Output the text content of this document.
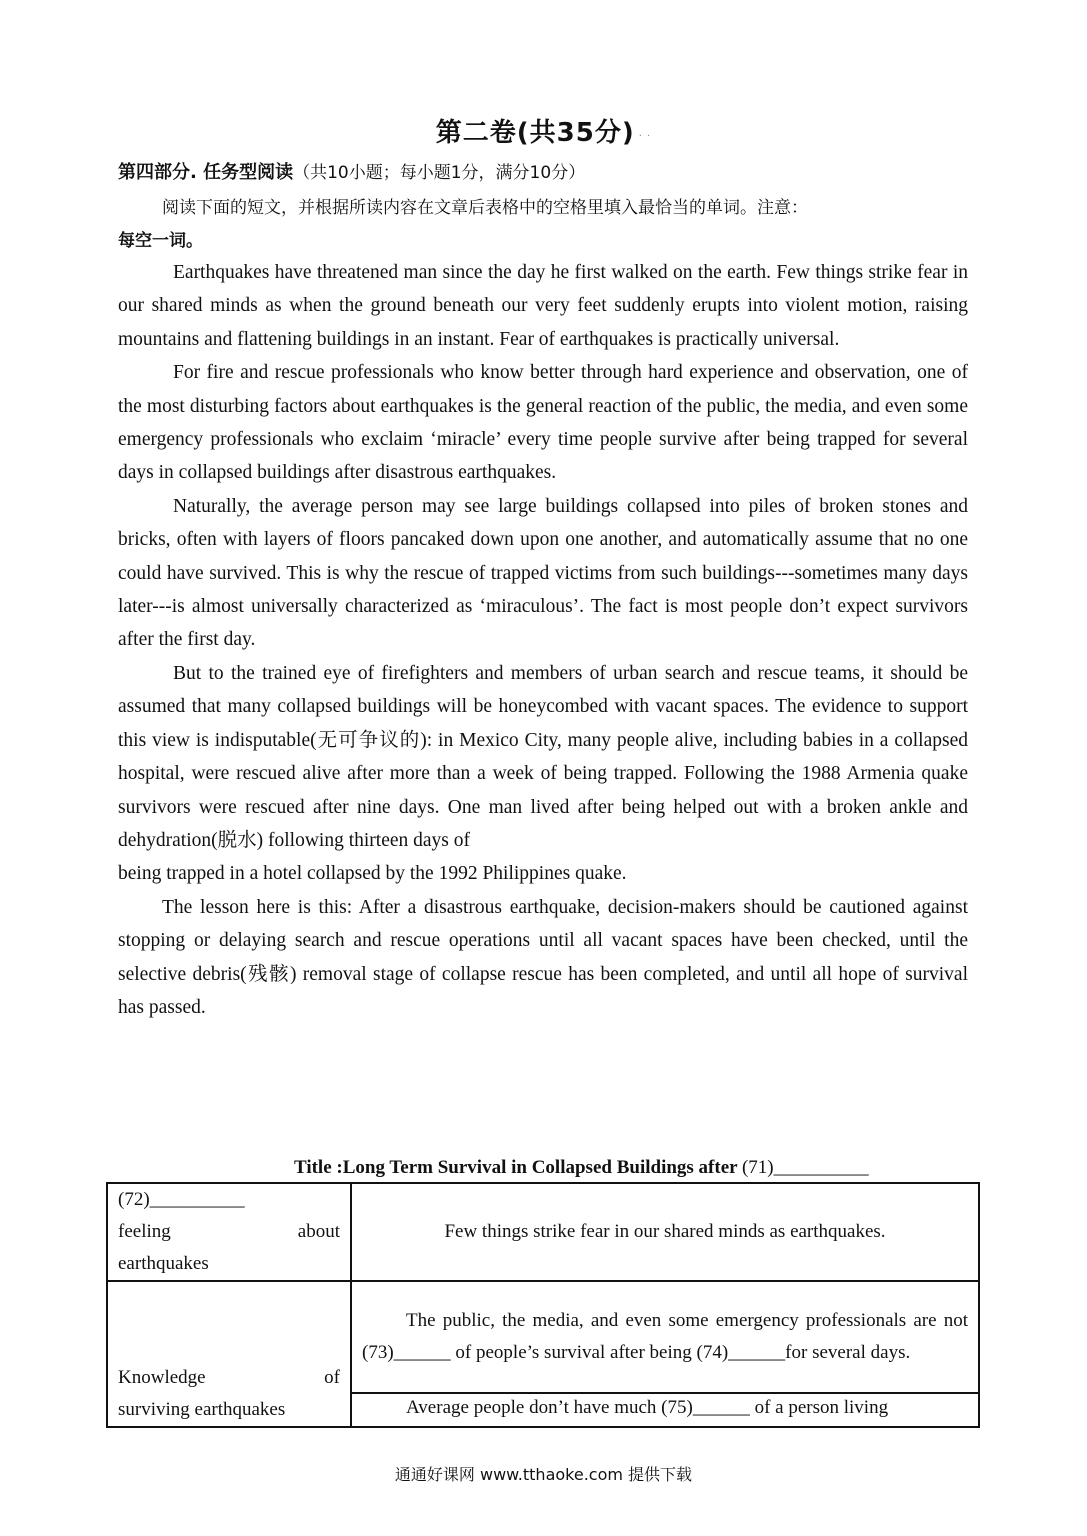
第二卷(共35分) . .
第四部分. 任务型阅读（共10小题；每小题1分，满分10分）
阅读下面的短文，并根据所读内容在文章后表格中的空格里填入最恰当的单词。注意：
每空一词。

Earthquakes have threatened man since the day he first walked on the earth. Few things strike fear in our shared minds as when the ground beneath our very feet suddenly erupts into violent motion, raising mountains and flattening buildings in an instant. Fear of earthquakes is practically universal.

For fire and rescue professionals who know better through hard experience and observation, one of the most disturbing factors about earthquakes is the general reaction of the public, the media, and even some emergency professionals who exclaim ‘miracle’ every time people survive after being trapped for several days in collapsed buildings after disastrous earthquakes.

Naturally, the average person may see large buildings collapsed into piles of broken stones and bricks, often with layers of floors pancaked down upon one another, and automatically assume that no one could have survived. This is why the rescue of trapped victims from such buildings---sometimes many days later---is almost universally characterized as ‘miraculous’. The fact is most people don’t expect survivors after the first day.

But to the trained eye of firefighters and members of urban search and rescue teams, it should be assumed that many collapsed buildings will be honeycombed with vacant spaces. The evidence to support this view is indisputable(无可争议的): in Mexico City, many people alive, including babies in a collapsed hospital, were rescued alive after more than a week of being trapped. Following the 1988 Armenia quake survivors were rescued after nine days. One man lived after being helped out with a broken ankle and dehydration(脱水) following thirteen days of

being trapped in a hotel collapsed by the 1992 Philippines quake.

The lesson here is this: After a disastrous earthquake, decision-makers should be cautioned against stopping or delaying search and rescue operations until all vacant spaces have been checked, until the selective debris(残骸) removal stage of collapse rescue has been completed, and until all hope of survival has passed.

Title :Long Term Survival in Collapsed Buildings after (71)__________
(72)__________
feeling about
earthquakes	Few things strike fear in our shared minds as earthquakes.

Knowledge of
surviving earthquakes	The public, the media, and even some emergency professionals are not (73)______ of people’s survival after being (74)______for several days.
	Average people don’t have much (75)______ of a person living
通通好课网 www.tthaoke.com 提供下载
